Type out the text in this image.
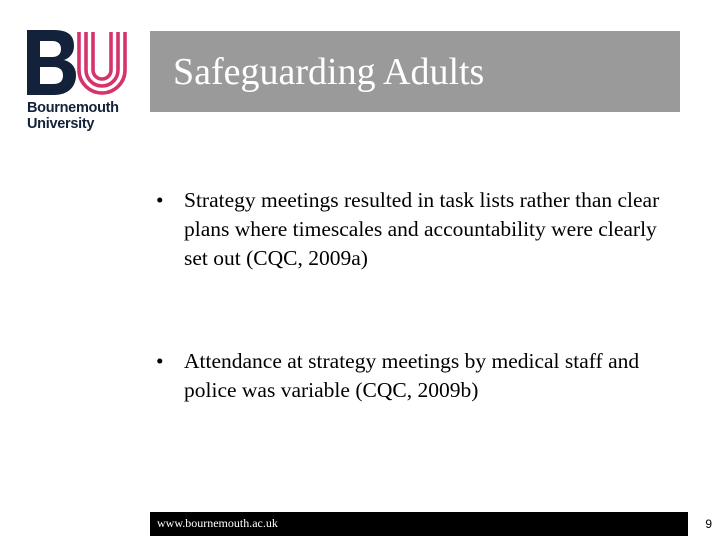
Bournemouth
University
Safeguarding Adults
• Strategy meetings resulted in task lists rather than clear plans where timescales and accountability were clearly set out (CQC, 2009a)
• Attendance at strategy meetings by medical staff and police was variable (CQC, 2009b)
www.bournemouth.ac.uk	9
